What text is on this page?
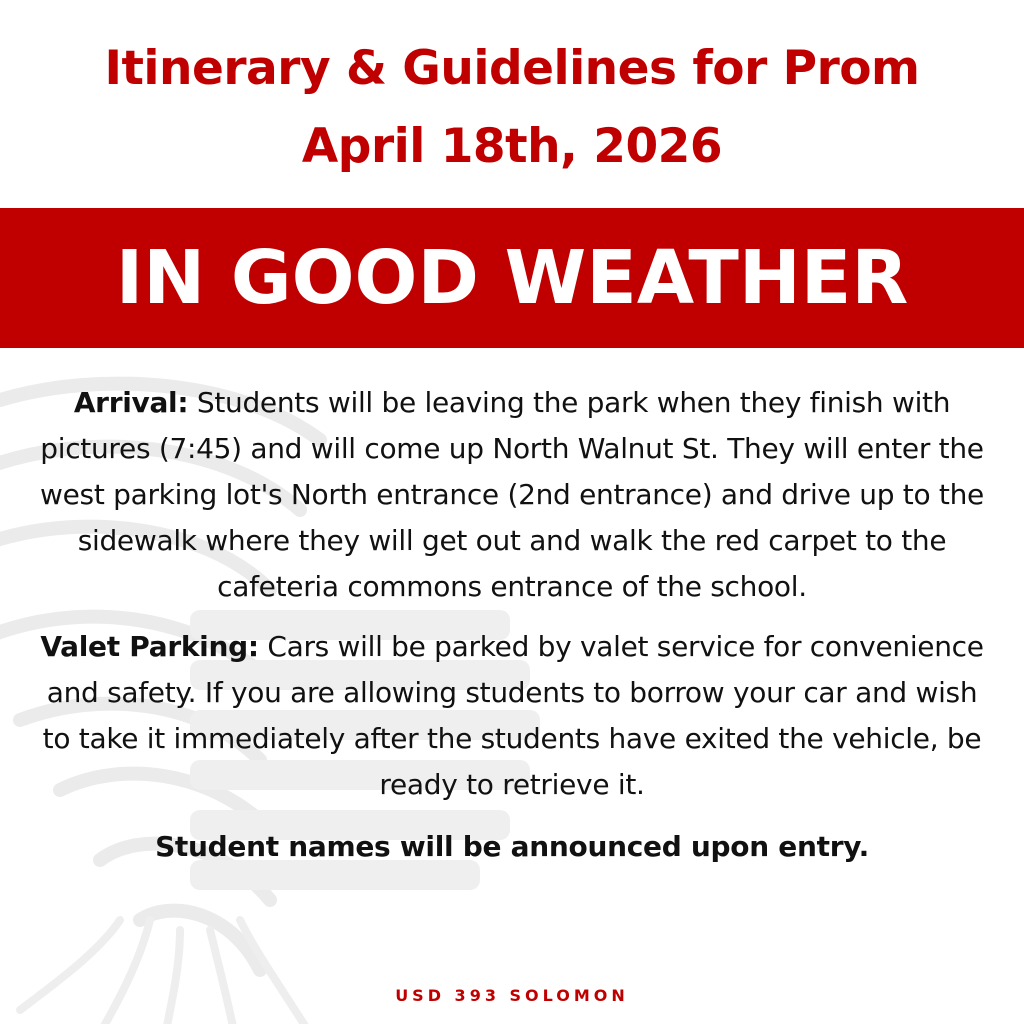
Itinerary & Guidelines for Prom
April 18th, 2026
IN GOOD WEATHER

Arrival: Students will be leaving the park when they finish with pictures (7:45) and will come up North Walnut St. They will enter the west parking lot's North entrance (2nd entrance) and drive up to the sidewalk where they will get out and walk the red carpet to the cafeteria commons entrance of the school.

Valet Parking: Cars will be parked by valet service for convenience and safety. If you are allowing students to borrow your car and wish to take it immediately after the students have exited the vehicle, be ready to retrieve it.

Student names will be announced upon entry.
USD 393 SOLOMON
